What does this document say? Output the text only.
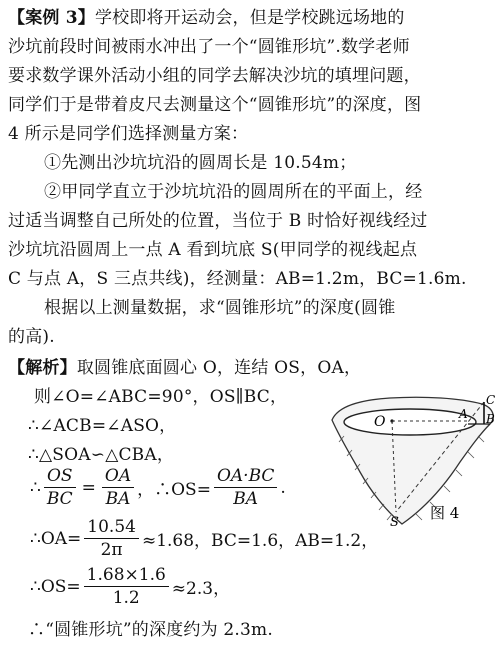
【案例 3】学校即将开运动会，但是学校跳远场地的
沙坑前段时间被雨水冲出了一个“圆锥形坑”.数学老师
要求数学课外活动小组的同学去解决沙坑的填埋问题，
同学们于是带着皮尺去测量这个“圆锥形坑”的深度，图
4 所示是同学们选择测量方案：
①先测出沙坑坑沿的圆周长是 10.54m；
②甲同学直立于沙坑坑沿的圆周所在的平面上，经
过适当调整自己所处的位置，当位于 B 时恰好视线经过
沙坑坑沿圆周上一点 A 看到坑底 S(甲同学的视线起点
C 与点 A，S 三点共线)，经测量：AB=1.2m，BC=1.6m.
根据以上测量数据，求“圆锥形坑”的深度(圆锥
的高).
【解析】取圆锥底面圆心 O，连结 OS，OA，
则∠O=∠ABC=90°，OS∥BC，
∴∠ACB=∠ASO，
∴△SOA∽△CBA，
∴ $\frac{OS}{BC} = \frac{OA}{BA}$ ，∴OS= $\frac{OA\cdot BC}{BA}$ .
∴OA= $\frac{10.54}{2\pi} \approx 1.68$，BC=1.6，AB=1.2，
∴OS= $\frac{1.68\times 1.6}{1.2} \approx 2.3$，
∴“圆锥形坑”的深度约为 2.3m.
O	A
C
B
S
图 4
